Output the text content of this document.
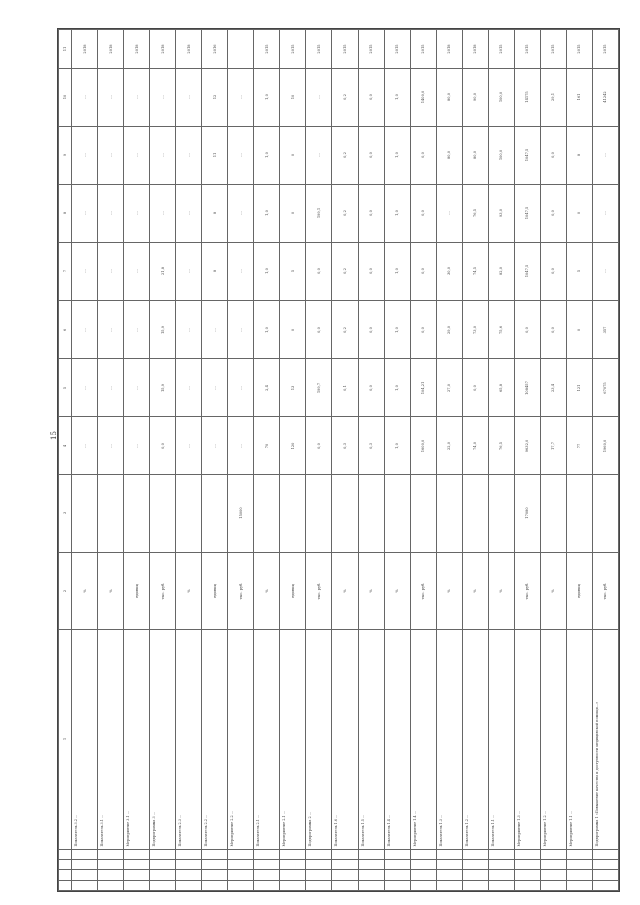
15
11	2018	2018	2018	2018	2018	2016		2015	2015	2015	2015	2015	2015	2015	2018	2018	2015	2015	2015	2015	2015

10	…	…	…	…	…	12	…	1,0	10	…	0,2	0,0	1,0	1400,0	80,0	90,0	100,0	14175	29,1	161	41242

9	…	…	…	…	…	11	…	1,0	0	…	0,2	0,0	1,0	0,0	80,0	80,0	100,0	1047,5	0,0	8	…

8	…	…	…	…	…	8	…	1,0	0	199,1	0,2	0,0	1,0	0,0	…	76,5	93,0	1047,5	0,0	0	…

7	…	…	…	21,8	…	8	…	1,0	5	0,0	0,2	0,0	1,0	0,0	30,0	74,5	82,0	1047,5	0,0	5	…

6	…	…	…	15,9	…	…	…	1,0	0	0,0	0,2	0,0	1,0	0,0	29,0	73,0	75,6	0,0	0,0	0	357

5	…	…	…	15,9	…	…	…	2,4	13	199,7	0,1	0,0	1,0	104,21	27,0	0,0	65,8	108457	23,4	121	67075

4	…	…	…	0,0	…	…	…	70	120	0,0	0,3	0,3	1,0	1600,0	22,0	74,0	76,5	9632,0	17,7	77	1960,0

3							15000											17080			

2	%	%	единиц	тыс. руб.	%	единиц	тыс. руб.	%	единиц	тыс. руб.	%	%	%	тыс. руб.	%	%	%	тыс. руб.	%	единиц	тыс. руб.

1	Показатель 3.2 …	Показатель 3.1 …	Мероприятие 3.1 …	Подпрограмма 3 …	Показатель 2.3 …	Показатель 2.2 …	Мероприятие 2.2 …	Показатель 2.1 …	Мероприятие 2.1 …	Подпрограмма 2 …	Показатель 1.6 …	Показатель 1.5 …	Показатель 1.4 …	Мероприятие 1.4 …	Показатель 1.3 …	Показатель 1.2 …	Показатель 1.1 …	Мероприятие 1.3 …	Мероприятие 1.2 …	Мероприятие 1.1 …	Подпрограмма 1 «Повышение качества и доступности медицинской помощи…»
